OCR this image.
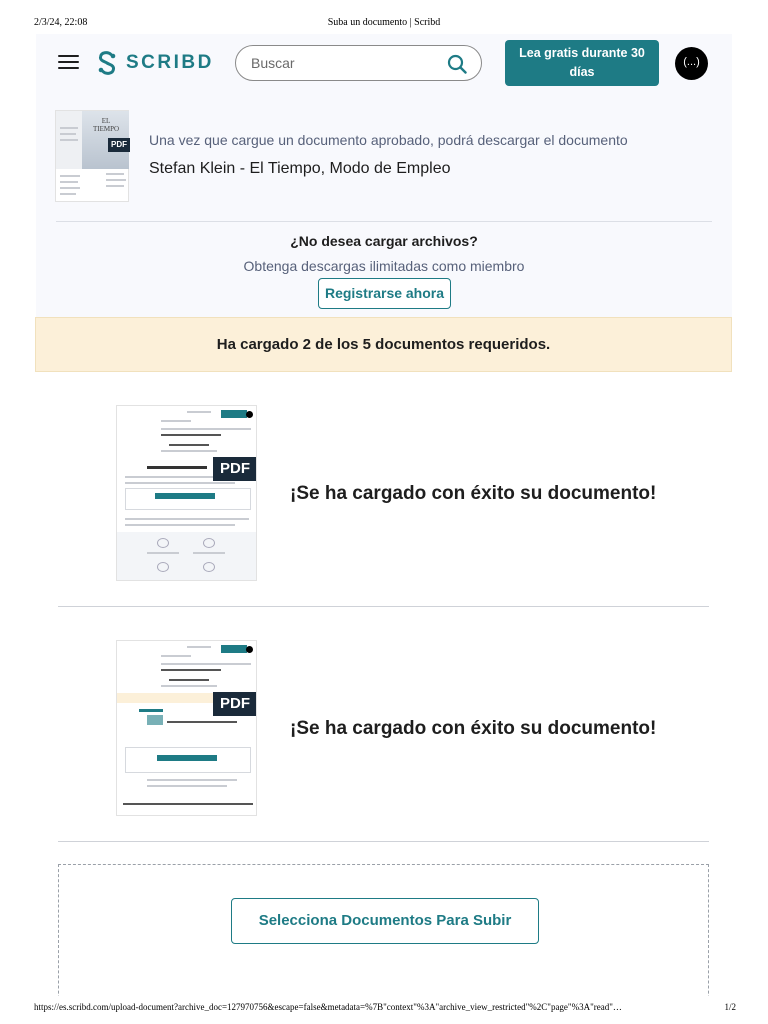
2/3/24, 22:08	Suba un documento | Scribd
SCRIBD
Buscar	Lea gratis durante 30 días
(...)
EL TIEMPO
PDF Una vez que cargue un documento aprobado, podrá descargar el documento
Stefan Klein - El Tiempo, Modo de Empleo
¿No desea cargar archivos?
Obtenga descargas ilimitadas como miembro
Registrarse ahora
Ha cargado 2 de los 5 documentos requeridos.
PDF
¡Se ha cargado con éxito su documento!
PDF
¡Se ha cargado con éxito su documento!
Selecciona Documentos Para Subir
https://es.scribd.com/upload-document?archive_doc=127970756&escape=false&metadata=%7B"context"%3A"archive_view_restricted"%2C"page"%3A"read"…	1/2
